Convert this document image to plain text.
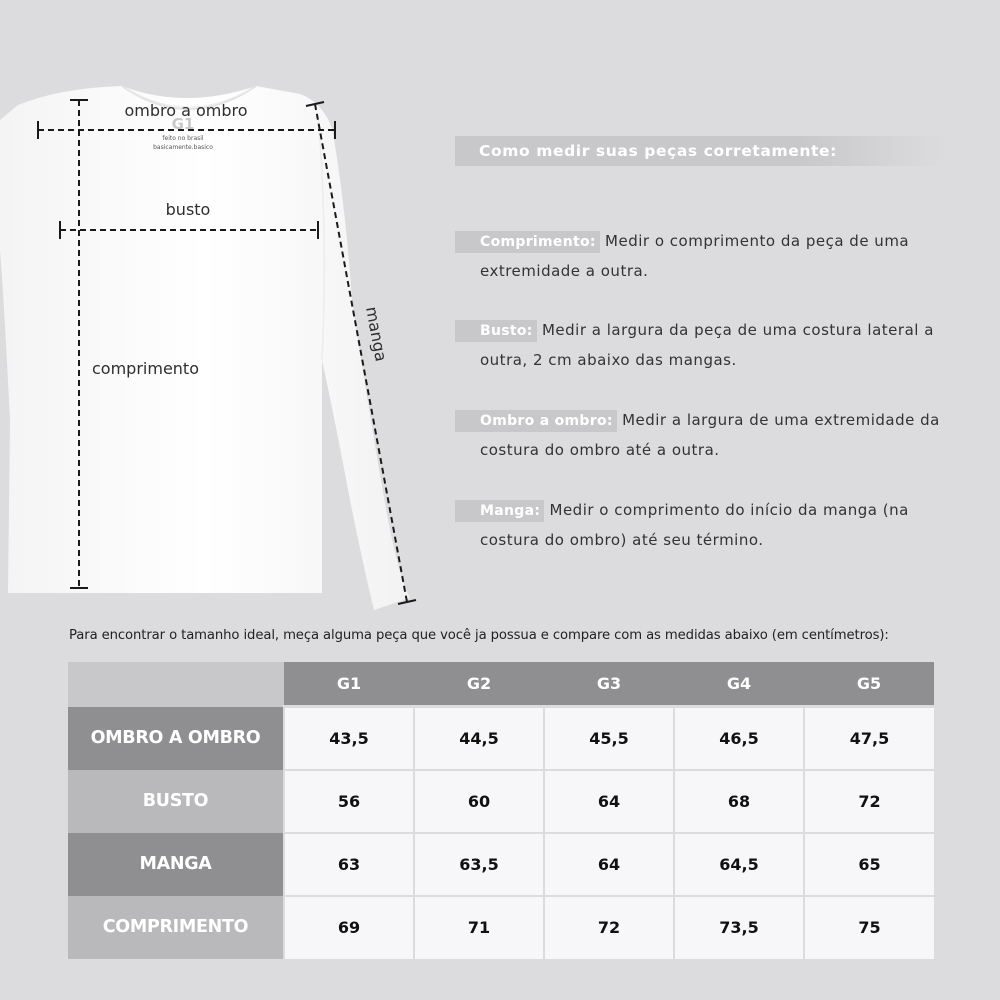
G1
feito no brasil
basicamente.basico
ombro a ombro
busto
comprimento
manga
Como medir suas peças corretamente:
Comprimento: Medir o comprimento da peça de uma extremidade a outra.
Busto: Medir a largura da peça de uma costura lateral a outra, 2 cm abaixo das mangas.
Ombro a ombro: Medir a largura de uma extremidade da costura do ombro até a outra.
Manga: Medir o comprimento do início da manga (na costura do ombro) até seu término.
Para encontrar o tamanho ideal, meça alguma peça que você ja possua e compare com as medidas abaixo (em centímetros):
	G1	G2	G3	G4	G5
OMBRO A OMBRO	43,5	44,5	45,5	46,5	47,5
BUSTO	56	60	64	68	72
MANGA	63	63,5	64	64,5	65
COMPRIMENTO	69	71	72	73,5	75
